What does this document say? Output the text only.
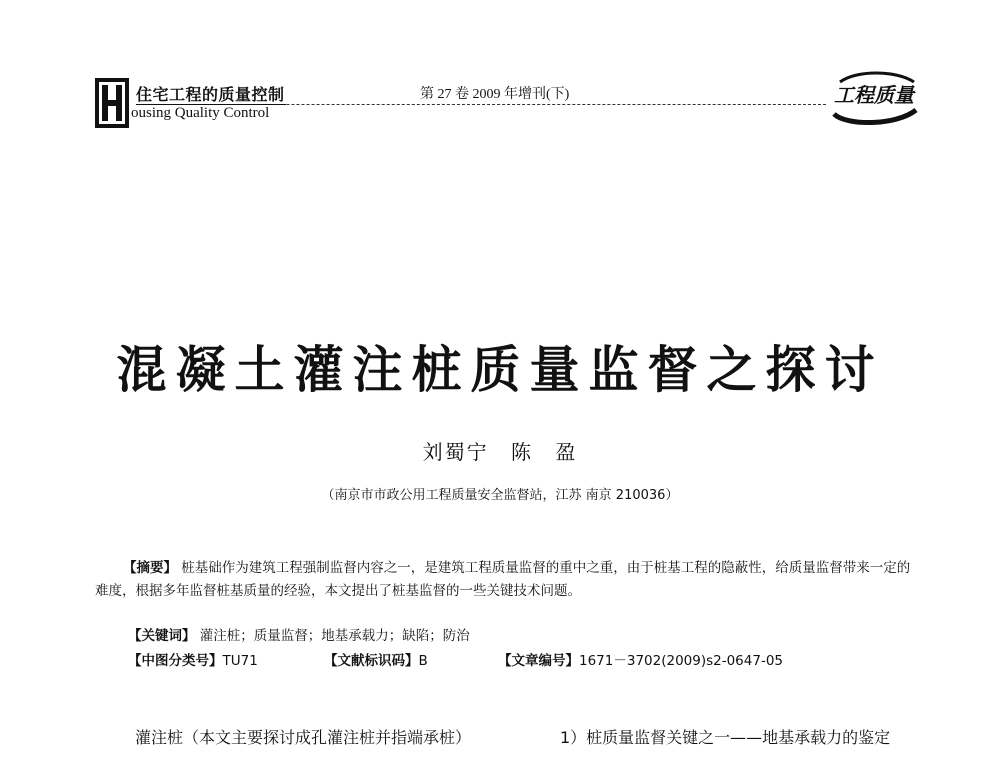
住宅工程的质量控制
ousing Quality Control
第 27 卷 2009 年增刊(下)	工程质量
混凝土灌注桩质量监督之探讨
刘蜀宁 陈 盈
（南京市市政公用工程质量安全监督站，江苏 南京 210036）
【摘要】 桩基础作为建筑工程强制监督内容之一，是建筑工程质量监督的重中之重，由于桩基工程的隐蔽性，给质量监督带来一定的难度，根据多年监督桩基质量的经验，本文提出了桩基监督的一些关键技术问题。
【关键词】 灌注桩；质量监督；地基承载力；缺陷；防治
【中图分类号】TU71	【文献标识码】B	【文章编号】1671－3702(2009)s2-0647-05
灌注桩（本文主要探讨成孔灌注桩并指端承桩）	1）桩质量监督关键之一——地基承载力的鉴定
